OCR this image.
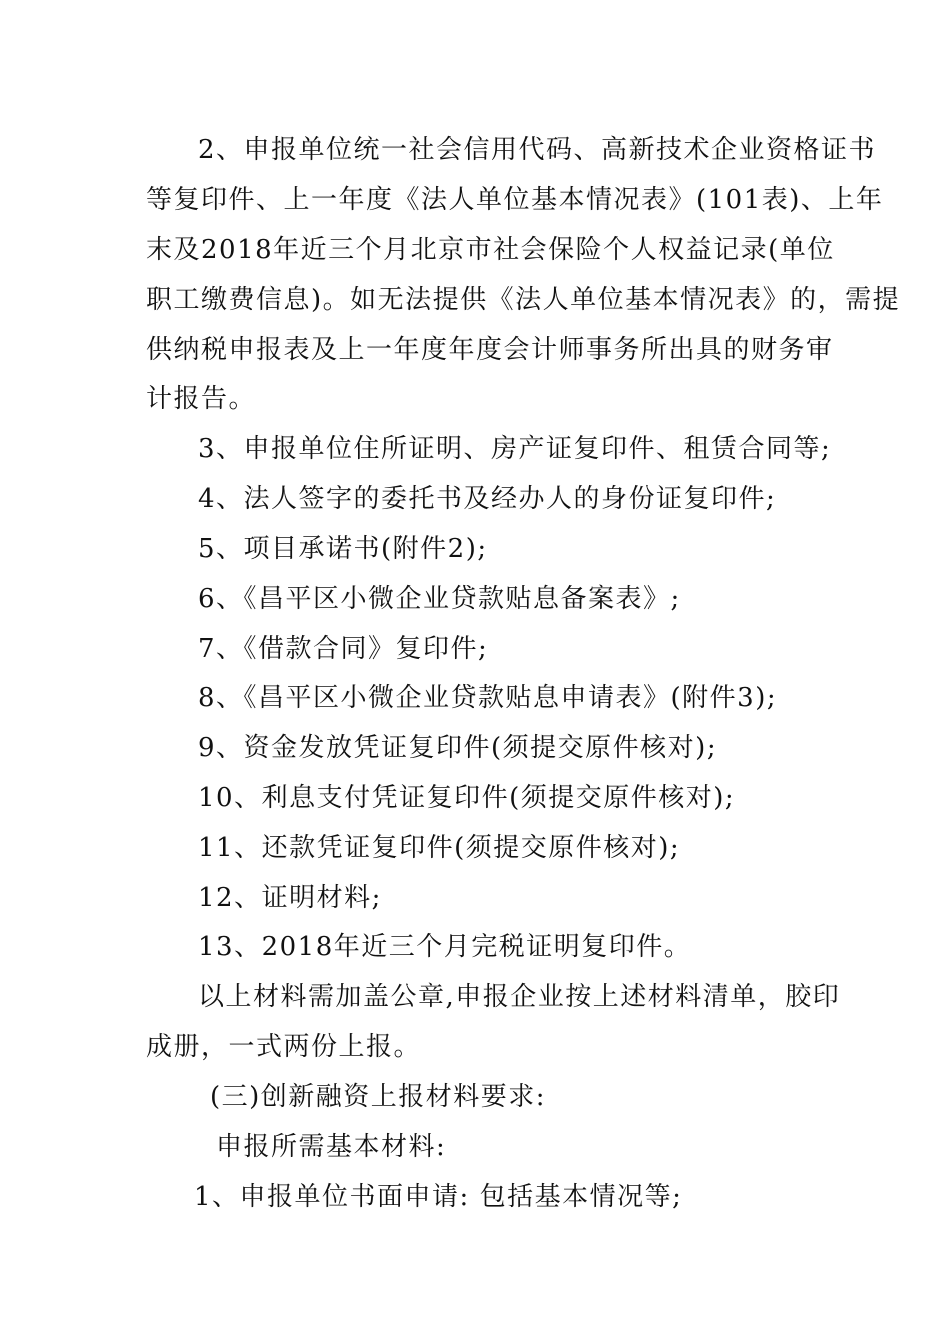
2、申报单位统一社会信用代码、高新技术企业资格证书
等复印件、上一年度《法人单位基本情况表》(101表)、上年
末及2018年近三个月北京市社会保险个人权益记录(单位
职工缴费信息)。如无法提供《法人单位基本情况表》的，需提
供纳税申报表及上一年度年度会计师事务所出具的财务审
计报告。
3、申报单位住所证明、房产证复印件、租赁合同等;
4、法人签字的委托书及经办人的身份证复印件;
5、项目承诺书(附件2);
6、《昌平区小微企业贷款贴息备案表》;
7、《借款合同》复印件;
8、《昌平区小微企业贷款贴息申请表》(附件3);
9、资金发放凭证复印件(须提交原件核对);
10、利息支付凭证复印件(须提交原件核对);
11、还款凭证复印件(须提交原件核对);
12、证明材料;
13、2018年近三个月完税证明复印件。
以上材料需加盖公章,申报企业按上述材料清单，胶印
成册，一式两份上报。
(三)创新融资上报材料要求:
申报所需基本材料:
1、申报单位书面申请: 包括基本情况等;
